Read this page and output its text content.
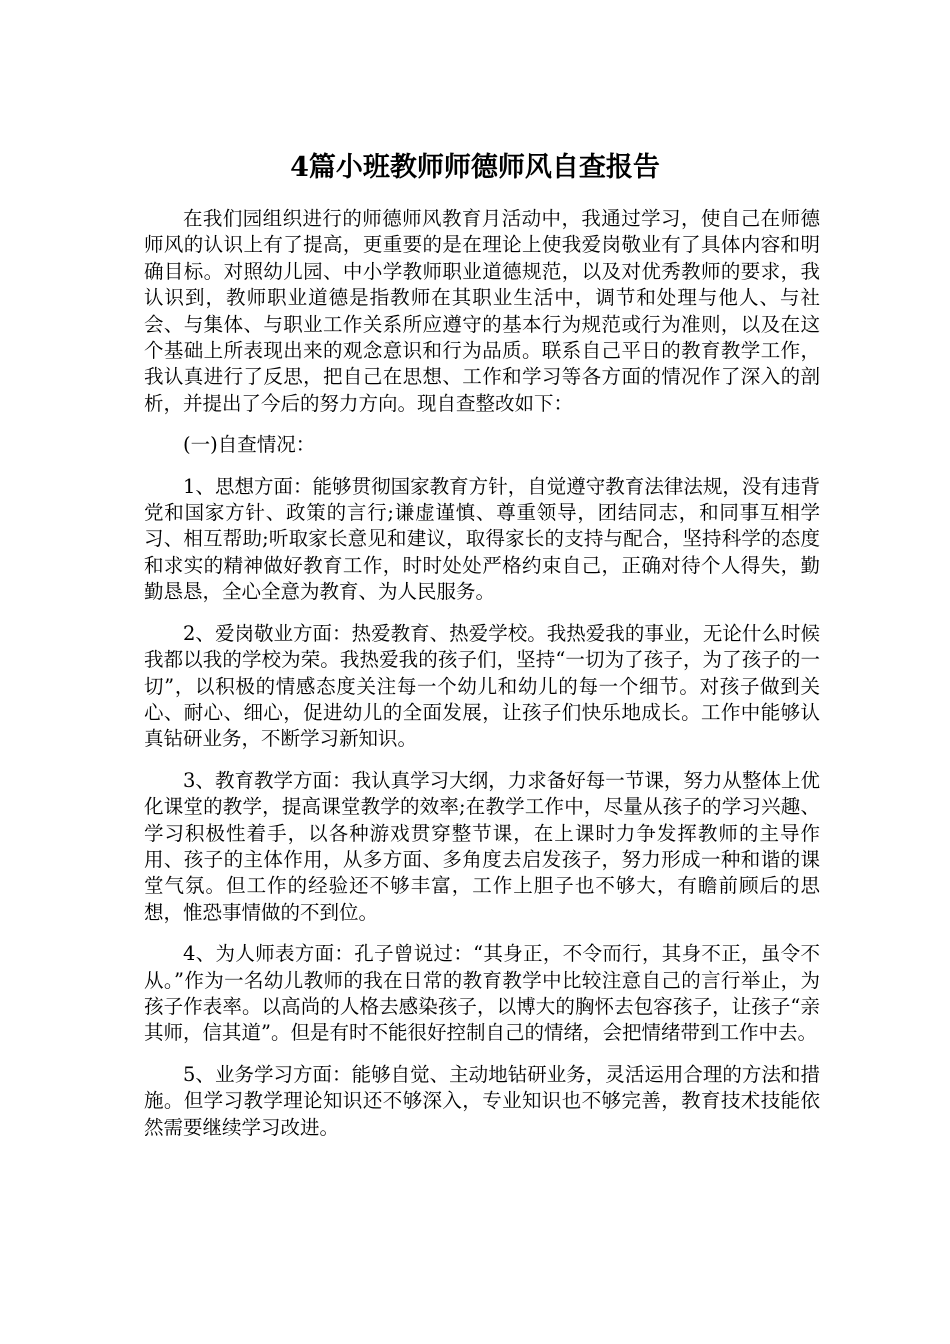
4篇小班教师师德师风自查报告

在我们园组织进行的师德师风教育月活动中，我通过学习，使自己在师德师风的认识上有了提高，更重要的是在理论上使我爱岗敬业有了具体内容和明确目标。对照幼儿园、中小学教师职业道德规范，以及对优秀教师的要求，我认识到，教师职业道德是指教师在其职业生活中，调节和处理与他人、与社会、与集体、与职业工作关系所应遵守的基本行为规范或行为准则，以及在这个基础上所表现出来的观念意识和行为品质。联系自己平日的教育教学工作，我认真进行了反思，把自己在思想、工作和学习等各方面的情况作了深入的剖析，并提出了今后的努力方向。现自查整改如下：

(一)自查情况：

1、思想方面：能够贯彻国家教育方针，自觉遵守教育法律法规，没有违背党和国家方针、政策的言行;谦虚谨慎、尊重领导，团结同志，和同事互相学习、相互帮助;听取家长意见和建议，取得家长的支持与配合，坚持科学的态度和求实的精神做好教育工作，时时处处严格约束自己，正确对待个人得失，勤勤恳恳，全心全意为教育、为人民服务。

2、爱岗敬业方面：热爱教育、热爱学校。我热爱我的事业，无论什么时候我都以我的学校为荣。我热爱我的孩子们，坚持“一切为了孩子，为了孩子的一切”，以积极的情感态度关注每一个幼儿和幼儿的每一个细节。对孩子做到关心、耐心、细心，促进幼儿的全面发展，让孩子们快乐地成长。工作中能够认真钻研业务，不断学习新知识。

3、教育教学方面：我认真学习大纲，力求备好每一节课，努力从整体上优化课堂的教学，提高课堂教学的效率;在教学工作中，尽量从孩子的学习兴趣、学习积极性着手，以各种游戏贯穿整节课，在上课时力争发挥教师的主导作用、孩子的主体作用，从多方面、多角度去启发孩子，努力形成一种和谐的课堂气氛。但工作的经验还不够丰富，工作上胆子也不够大，有瞻前顾后的思想，惟恐事情做的不到位。

4、为人师表方面：孔子曾说过：“其身正，不令而行，其身不正，虽令不从。”作为一名幼儿教师的我在日常的教育教学中比较注意自己的言行举止，为孩子作表率。以高尚的人格去感染孩子，以博大的胸怀去包容孩子，让孩子“亲其师，信其道”。但是有时不能很好控制自己的情绪，会把情绪带到工作中去。

5、业务学习方面：能够自觉、主动地钻研业务，灵活运用合理的方法和措施。但学习教学理论知识还不够深入，专业知识也不够完善，教育技术技能依然需要继续学习改进。
